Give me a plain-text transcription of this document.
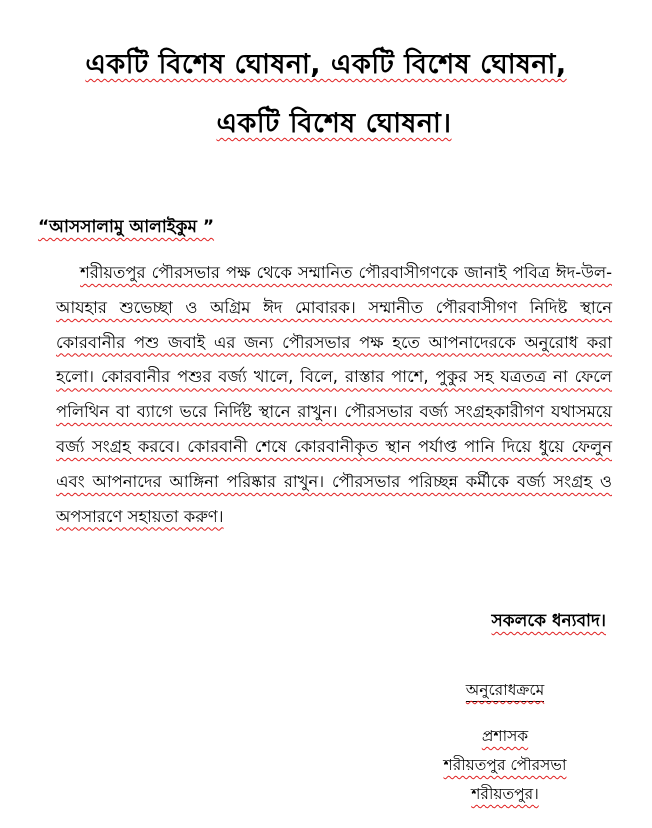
একটি বিশেষ ঘোষনা, একটি বিশেষ ঘোষনা,
একটি বিশেষ ঘোষনা।
“আসসালামু আলাইকুম ”
শরীয়তপুর পৌরসভার পক্ষ থেকে সম্মানিত পৌরবাসীগণকে জানাই পবিত্র ঈদ-উল-আযহার শুভেচ্ছা ও অগ্রিম ঈদ মোবারক। সম্মানীত পৌরবাসীগণ নিদিষ্ট স্থানে কোরবানীর পশু জবাই এর জন্য পৌরসভার পক্ষ হতে আপনাদেরকে অনুরোধ করা হলো। কোরবানীর পশুর বর্জ্য খালে, বিলে, রাস্তার পাশে, পুকুর সহ যত্রতত্র না ফেলে পলিথিন বা ব্যাগে ভরে নির্দিষ্ট স্থানে রাখুন। পৌরসভার বর্জ্য সংগ্রহকারীগণ যথাসময়ে বর্জ্য সংগ্রহ করবে। কোরবানী শেষে কোরবানীকৃত স্থান পর্যাপ্ত পানি দিয়ে ধুয়ে ফেলুন এবং আপনাদের আঙ্গিনা পরিষ্কার রাখুন। পৌরসভার পরিচ্ছন্ন কর্মীকে বর্জ্য সংগ্রহ ও অপসারণে সহায়তা করুণ।
সকলকে ধন্যবাদ।
অনুরোধক্রমে
প্রশাসক
শরীয়তপুর পৌরসভা
শরীয়তপুর।
